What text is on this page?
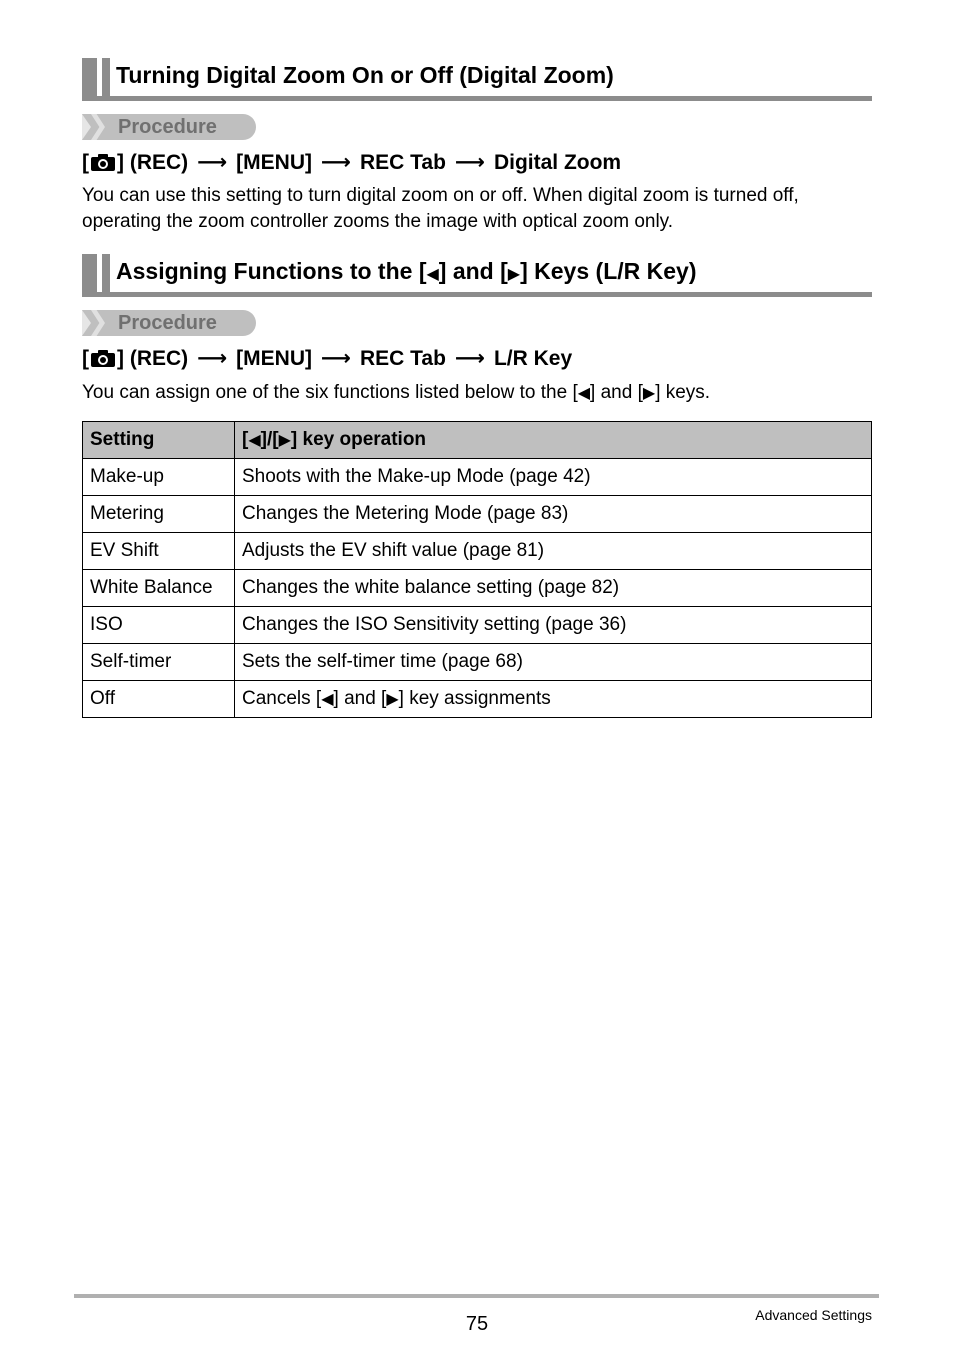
Turning Digital Zoom On or Off (Digital Zoom)
Procedure
[ ] (REC) ⟶ [MENU] ⟶ REC Tab ⟶ Digital Zoom
You can use this setting to turn digital zoom on or off. When digital zoom is turned off, operating the zoom controller zooms the image with optical zoom only.
Assigning Functions to the [◀] and [▶] Keys (L/R Key)
Procedure
[ ] (REC) ⟶ [MENU] ⟶ REC Tab ⟶ L/R Key
You can assign one of the six functions listed below to the [◀] and [▶] keys.
Setting	[◀]/[▶] key operation
Make-up	Shoots with the Make-up Mode (page 42)
Metering	Changes the Metering Mode (page 83)
EV Shift	Adjusts the EV shift value (page 81)
White Balance	Changes the white balance setting (page 82)
ISO	Changes the ISO Sensitivity setting (page 36)
Self-timer	Sets the self-timer time (page 68)
Off	Cancels [◀] and [▶] key assignments
75	Advanced Settings
